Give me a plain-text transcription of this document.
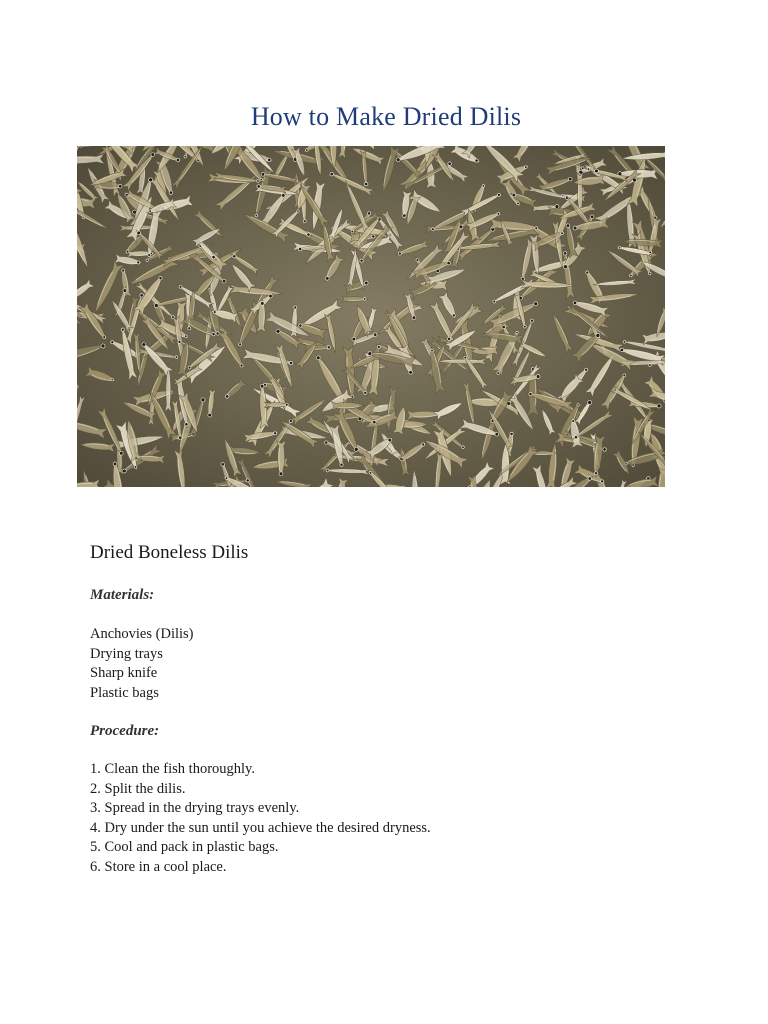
How to Make Dried Dilis
Dried Boneless Dilis
Materials:
Anchovies (Dilis)
Drying trays
Sharp knife
Plastic bags
Procedure:
1. Clean the fish thoroughly.
2. Split the dilis.
3. Spread in the drying trays evenly.
4. Dry under the sun until you achieve the desired dryness.
5. Cool and pack in plastic bags.
6. Store in a cool place.
